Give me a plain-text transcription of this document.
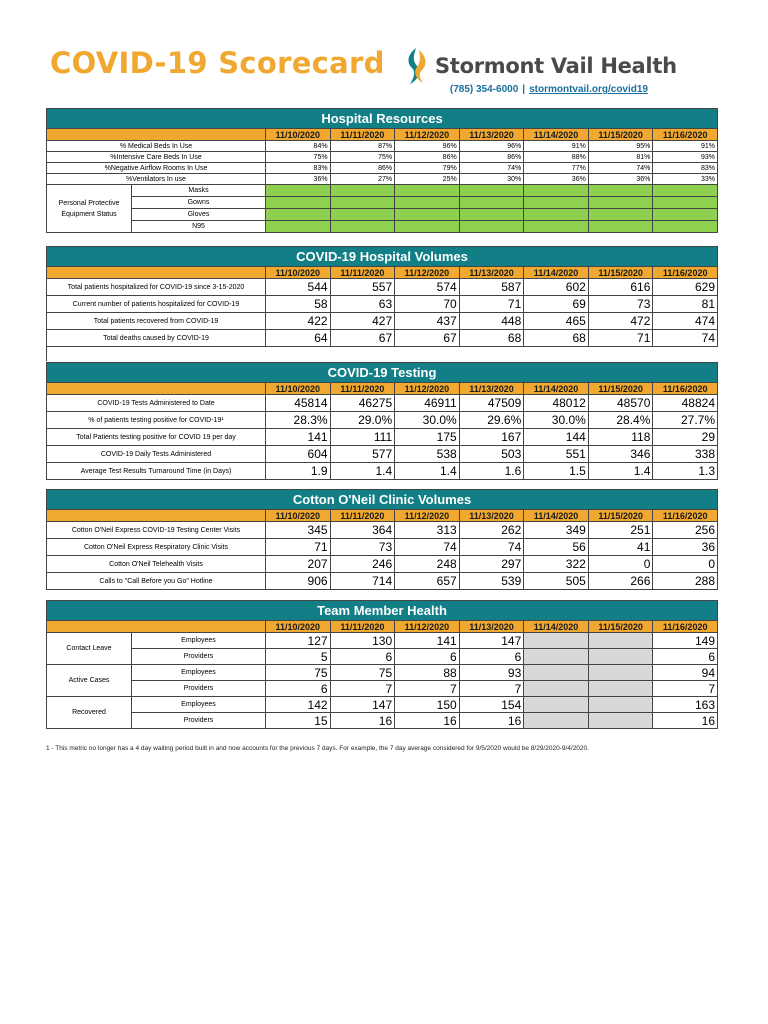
COVID-19 Scorecard Stormont Vail Health
(785) 354-6000 | stormontvail.org/covid19
Hospital Resources								
		11/10/2020	11/11/2020	11/12/2020	11/13/2020	11/14/2020	11/15/2020	11/16/2020
% Medical Beds In Use		84%	87%	96%	96%	91%	95%	91%
%Intensive Care Beds In Use		75%	75%	86%	86%	88%	81%	93%
%Negative Airflow Rooms In Use		83%	86%	79%	74%	77%	74%	83%
%Ventilators In use		36%	27%	25%	30%	36%	36%	33%
Personal Protective Equipment Status	Masks							
	Gowns							
	Gloves							
	N95							
COVID-19 Hospital Volumes							
	11/10/2020	11/11/2020	11/12/2020	11/13/2020	11/14/2020	11/15/2020	11/16/2020
Total patients hospitalized for COVID-19 since 3-15-2020	544	557	574	587	602	616	629
Current number of patients hospitalized for COVID-19	58	63	70	71	69	73	81
Total patients recovered from COVID-19	422	427	437	448	465	472	474
Total deaths caused by COVID-19	64	67	67	68	68	71	74

COVID-19 Testing							
	11/10/2020	11/11/2020	11/12/2020	11/13/2020	11/14/2020	11/15/2020	11/16/2020
COVID-19 Tests Administered to Date	45814	46275	46911	47509	48012	48570	48824
% of patients testing positive for COVID-19¹	28.3%	29.0%	30.0%	29.6%	30.0%	28.4%	27.7%
Total Patients testing positive for COVID 19 per day	141	111	175	167	144	118	29
COVID-19 Daily Tests Administered	604	577	538	503	551	346	338
Average Test Results Turnaround Time (in Days)	1.9	1.4	1.4	1.6	1.5	1.4	1.3
Cotton O'Neil Clinic Volumes							
	11/10/2020	11/11/2020	11/12/2020	11/13/2020	11/14/2020	11/15/2020	11/16/2020
Cotton O'Neil Express COVID-19 Testing Center Visits	345	364	313	262	349	251	256
Cotton O'Neil Express Respiratory Clinic Visits	71	73	74	74	56	41	36
Cotton O'Neil Telehealth Visits	207	246	248	297	322	0	0
Calls to "Call Before you Go" Hotline	906	714	657	539	505	266	288
Team Member Health								
		11/10/2020	11/11/2020	11/12/2020	11/13/2020	11/14/2020	11/15/2020	11/16/2020
Contact Leave	Employees	127	130	141	147			149
	Providers	5	6	6	6			6
Active Cases	Employees	75	75	88	93			94
	Providers	6	7	7	7			7
Recovered	Employees	142	147	150	154			163
	Providers	15	16	16	16			16
1 - This metric no longer has a 4 day waiting period built in and now accounts for the previous 7 days. For example, the 7 day average considered for 9/5/2020 would be 8/29/2020-9/4/2020.
